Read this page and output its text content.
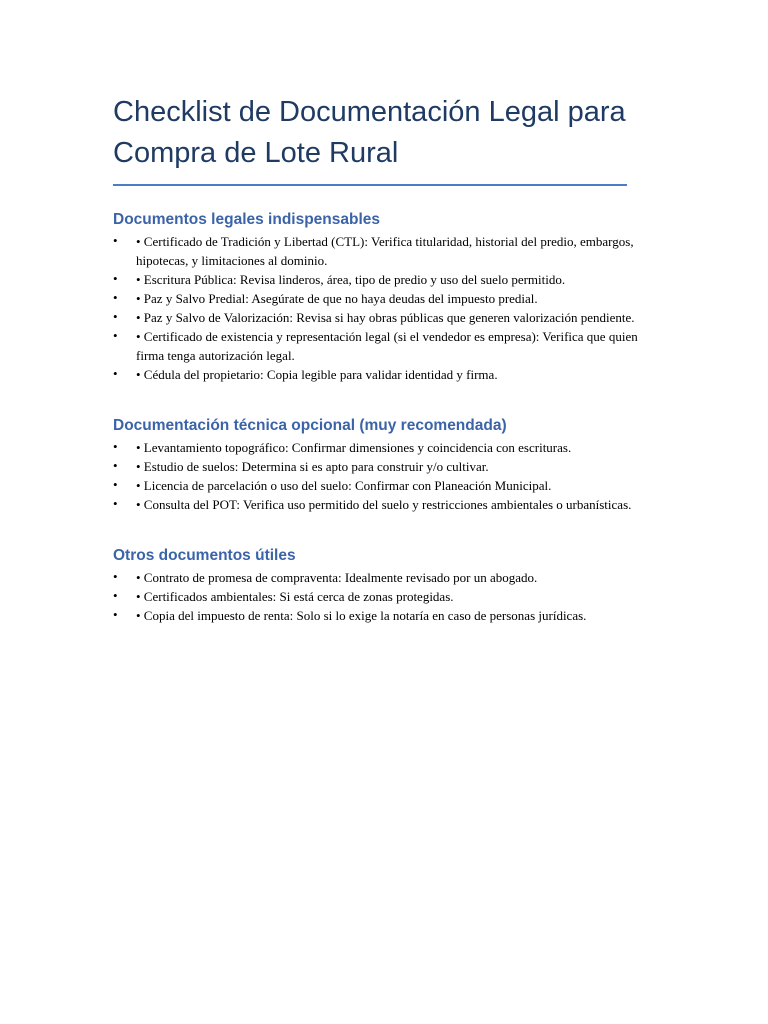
Checklist de Documentación Legal para
Compra de Lote Rural
Documentos legales indispensables
• • Certificado de Tradición y Libertad (CTL): Verifica titularidad, historial del predio, embargos, hipotecas, y limitaciones al dominio.
• • Escritura Pública: Revisa linderos, área, tipo de predio y uso del suelo permitido.
• • Paz y Salvo Predial: Asegúrate de que no haya deudas del impuesto predial.
• • Paz y Salvo de Valorización: Revisa si hay obras públicas que generen valorización pendiente.
• • Certificado de existencia y representación legal (si el vendedor es empresa): Verifica que quien firma tenga autorización legal.
• • Cédula del propietario: Copia legible para validar identidad y firma.
Documentación técnica opcional (muy recomendada)
• • Levantamiento topográfico: Confirmar dimensiones y coincidencia con escrituras.
• • Estudio de suelos: Determina si es apto para construir y/o cultivar.
• • Licencia de parcelación o uso del suelo: Confirmar con Planeación Municipal.
• • Consulta del POT: Verifica uso permitido del suelo y restricciones ambientales o urbanísticas.
Otros documentos útiles
• • Contrato de promesa de compraventa: Idealmente revisado por un abogado.
• • Certificados ambientales: Si está cerca de zonas protegidas.
• • Copia del impuesto de renta: Solo si lo exige la notaría en caso de personas jurídicas.
